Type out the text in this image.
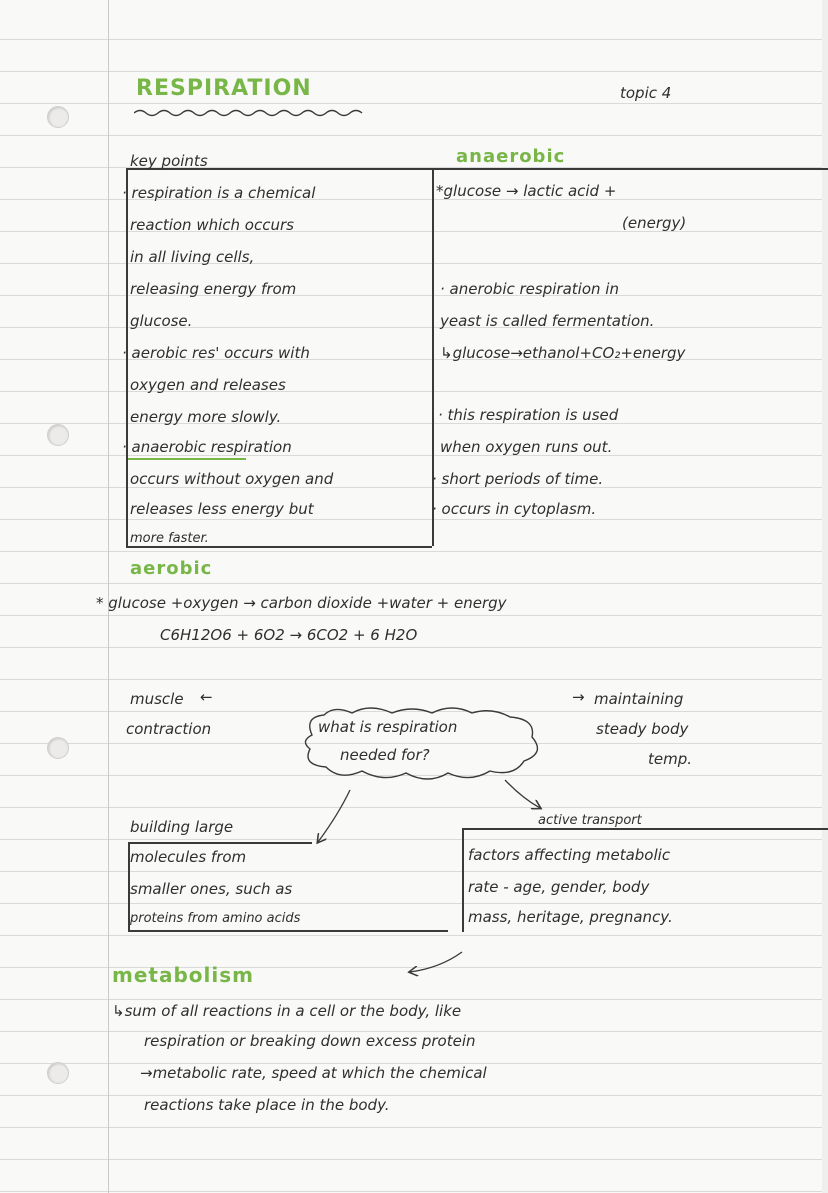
RESPIRATION	topic 4
key points
· respiration is a chemical
reaction which occurs
in all living cells,
releasing energy from
glucose.
· aerobic res' occurs with
oxygen and releases
energy more slowly.
· anaerobic respiration
occurs without oxygen and
releases less energy but
more faster.
anaerobic
*glucose → lactic acid +
(energy)
· anerobic respiration in
yeast is called fermentation.
↳glucose→ethanol+CO₂+energy
· this respiration is used
when oxygen runs out.
· short periods of time.
· occurs in cytoplasm.
aerobic
* glucose +oxygen → carbon dioxide +water + energy
C6H12O6 + 6O2 → 6CO2 + 6 H2O
muscle ←
contraction	what is respiration
needed for?
→ maintaining
steady body
temp.
building large
molecules from
smaller ones, such as
proteins from amino acids
active transport
factors affecting metabolic
rate - age, gender, body
mass, heritage, pregnancy.
metabolism
↳sum of all reactions in a cell or the body, like
respiration or breaking down excess protein
→metabolic rate, speed at which the chemical
reactions take place in the body.
